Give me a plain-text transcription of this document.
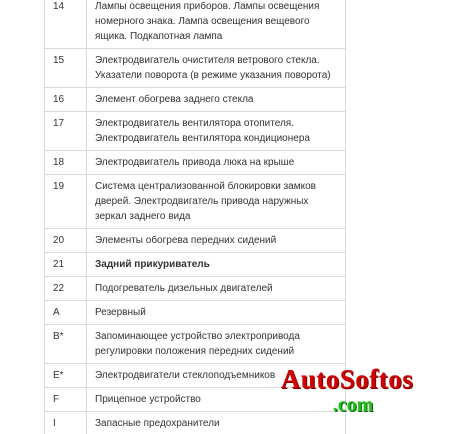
14	Лампы освещения приборов. Лампы освещения номерного знака. Лампа освещения вещевого ящика. Подкапотная лампа
15	Электродвигатель очистителя ветрового стекла. Указатели поворота (в режиме указания поворота)
16	Элемент обогрева заднего стекла
17	Электродвигатель вентилятора отопителя. Электродвигатель вентилятора кондиционера
18	Электродвигатель привода люка на крыше
19	Система централизованной блокировки замков дверей. Электродвигатель привода наружных зеркал заднего вида
20	Элементы обогрева передних сидений
21	Задний прикуриватель
22	Подогреватель дизельных двигателей
A	Резервный
B*	Запоминающее устройство электропривода регулировки положения передних сидений
E*	Электродвигатели стеклоподъемников
F	Прицепное устройство
I	Запасные предохранители
AutoSoftos
.com
